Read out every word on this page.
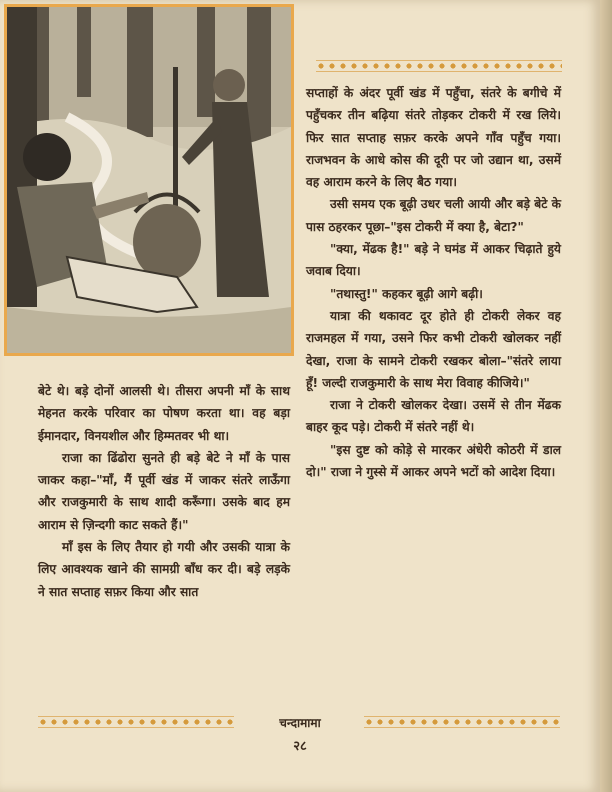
सप्ताहों के अंदर पूर्वी खंड में पहुँचा, संतरे के बगीचे में पहुँचकर तीन बढ़िया संतरे तोड़कर टोकरी में रख लिये। फिर सात सप्ताह सफ़र करके अपने गाँव पहुँच गया। राजभवन के आधे कोस की दूरी पर जो उद्यान था, उसमें वह आराम करने के लिए बैठ गया।

उसी समय एक बूढ़ी उधर चली आयी और बड़े बेटे के पास ठहरकर पूछा–"इस टोकरी में क्या है, बेटा?"

"क्या, मेंढक है!" बड़े ने घमंड में आकर चिढ़ाते हुये जवाब दिया।

"तथास्तु!" कहकर बूढ़ी आगे बढ़ी।

यात्रा की थकावट दूर होते ही टोकरी लेकर वह राजमहल में गया, उसने फिर कभी टोकरी खोलकर नहीं देखा, राजा के सामने टोकरी रखकर बोला–"संतरे लाया हूँ! जल्दी राजकुमारी के साथ मेरा विवाह कीजिये।"

राजा ने टोकरी खोलकर देखा। उसमें से तीन मेंढक बाहर कूद पड़े। टोकरी में संतरे नहीं थे।

"इस दुष्ट को कोड़े से मारकर अंधेरी कोठरी में डाल दो।" राजा ने गुस्से में आकर अपने भटों को आदेश दिया।

बेटे थे। बड़े दोनों आलसी थे। तीसरा अपनी माँ के साथ मेहनत करके परिवार का पोषण करता था। वह बड़ा ईमानदार, विनयशील और हिम्मतवर भी था।

राजा का ढिंढोरा सुनते ही बड़े बेटे ने माँ के पास जाकर कहा–"माँ, मैं पूर्वी खंड में जाकर संतरे लाऊँगा और राजकुमारी के साथ शादी करूँगा। उसके बाद हम आराम से ज़िन्दगी काट सकते हैं।"

माँ इस के लिए तैयार हो गयी और उसकी यात्रा के लिए आवश्यक खाने की सामग्री बाँध कर दी। बड़े लड़के ने सात सप्ताह सफ़र किया और सात

चन्दामामा
२८
